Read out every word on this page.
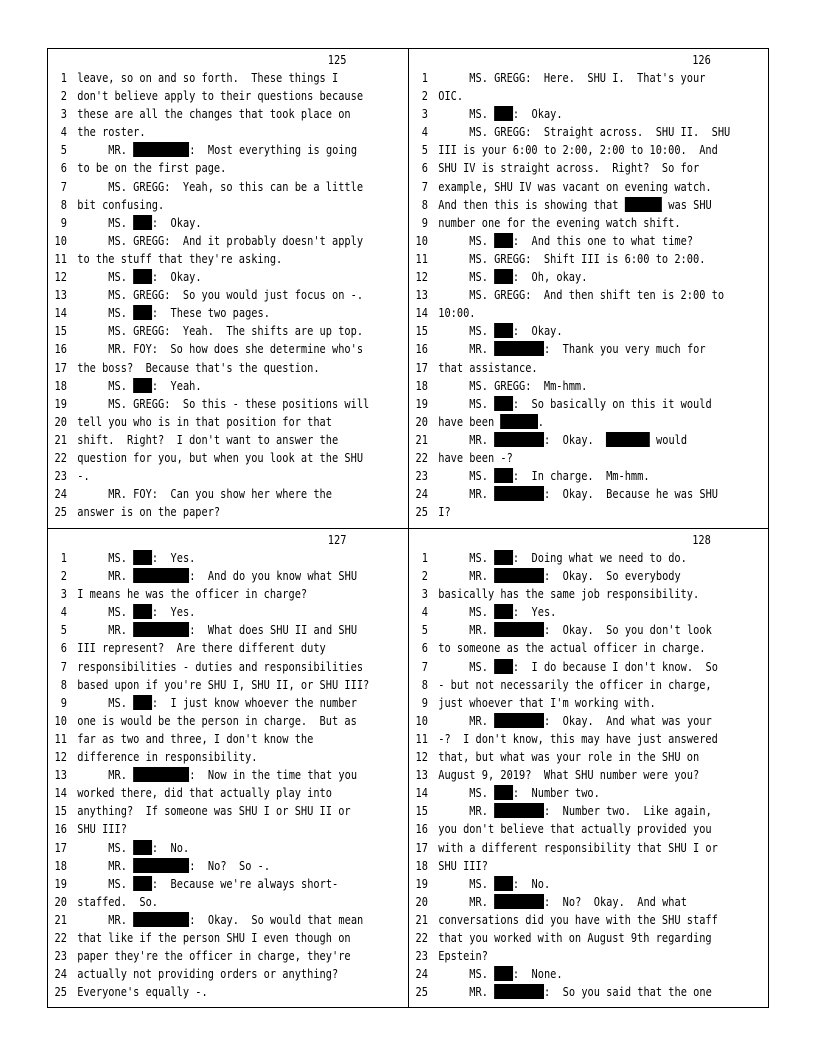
125
1 leave, so on and so forth.  These things I
2 don't believe apply to their questions because
3 these are all the changes that took place on
4 the roster.
5 MR.	:  Most everything is going
6 to be on the first page.
7 MS. GREGG:  Yeah, so this can be a little
8 bit confusing.
9 MS. :  Okay.
10 MS. GREGG:  And it probably doesn't apply
11 to the stuff that they're asking.
12 MS. :  Okay.
13 MS. GREGG:  So you would just focus on -.
14 MS. :  These two pages.
15 MS. GREGG:  Yeah.  The shifts are up top.
16 MR. FOY:  So how does she determine who's
17 the boss?  Because that's the question.
18 MS. :  Yeah.
19 MS. GREGG:  So this - these positions will
20 tell you who is in that position for that
21 shift.  Right?  I don't want to answer the
22 question for you, but when you look at the SHU
23 -.
24 MR. FOY:  Can you show her where the
25 answer is on the paper?
126
1 MS. GREGG:  Here.  SHU I.  That's your
2 OIC.
3 MS. :  Okay.
4 MS. GREGG:  Straight across.  SHU II.  SHU
5 III is your 6:00 to 2:00, 2:00 to 10:00.  And
6 SHU IV is straight across.  Right?  So for
7 example, SHU IV was vacant on evening watch.
8 And then this is showing that	was SHU
9 number one for the evening watch shift.
10 MS. :  And this one to what time?
11 MS. GREGG:  Shift III is 6:00 to 2:00.
12 MS. :  Oh, okay.
13 MS. GREGG:  And then shift ten is 2:00 to
14 10:00.
15 MS. :  Okay.
16 MR.	:  Thank you very much for
17 that assistance.
18 MS. GREGG:  Mm-hmm.
19 MS. :  So basically on this it would
20 have been	.
21 MR.	:  Okay.	would
22 have been -?
23 MS. :  In charge.  Mm-hmm.
24 MR.	:  Okay.  Because he was SHU
25 I?
127
1 MS. :  Yes.
2 MR.	:  And do you know what SHU
3 I means he was the officer in charge?
4 MS. :  Yes.
5 MR.	:  What does SHU II and SHU
6 III represent?  Are there different duty
7 responsibilities - duties and responsibilities
8 based upon if you're SHU I, SHU II, or SHU III?
9 MS. :  I just know whoever the number
10 one is would be the person in charge.  But as
11 far as two and three, I don't know the
12 difference in responsibility.
13 MR.	:  Now in the time that you
14 worked there, did that actually play into
15 anything?  If someone was SHU I or SHU II or
16 SHU III?
17 MS. :  No.
18 MR.	:  No?  So -.
19 MS. :  Because we're always short-
20 staffed.  So.
21 MR.	:  Okay.  So would that mean
22 that like if the person SHU I even though on
23 paper they're the officer in charge, they're
24 actually not providing orders or anything?
25 Everyone's equally -.
128
1 MS. :  Doing what we need to do.
2 MR.	:  Okay.  So everybody
3 basically has the same job responsibility.
4 MS. :  Yes.
5 MR.	:  Okay.  So you don't look
6 to someone as the actual officer in charge.
7 MS. :  I do because I don't know.  So
8 - but not necessarily the officer in charge,
9 just whoever that I'm working with.
10 MR.	:  Okay.  And what was your
11 -?  I don't know, this may have just answered
12 that, but what was your role in the SHU on
13 August 9, 2019?  What SHU number were you?
14 MS. :  Number two.
15 MR.	:  Number two.  Like again,
16 you don't believe that actually provided you
17 with a different responsibility that SHU I or
18 SHU III?
19 MS. :  No.
20 MR.	:  No?  Okay.  And what
21 conversations did you have with the SHU staff
22 that you worked with on August 9th regarding
23 Epstein?
24 MS. :  None.
25 MR.	:  So you said that the one
